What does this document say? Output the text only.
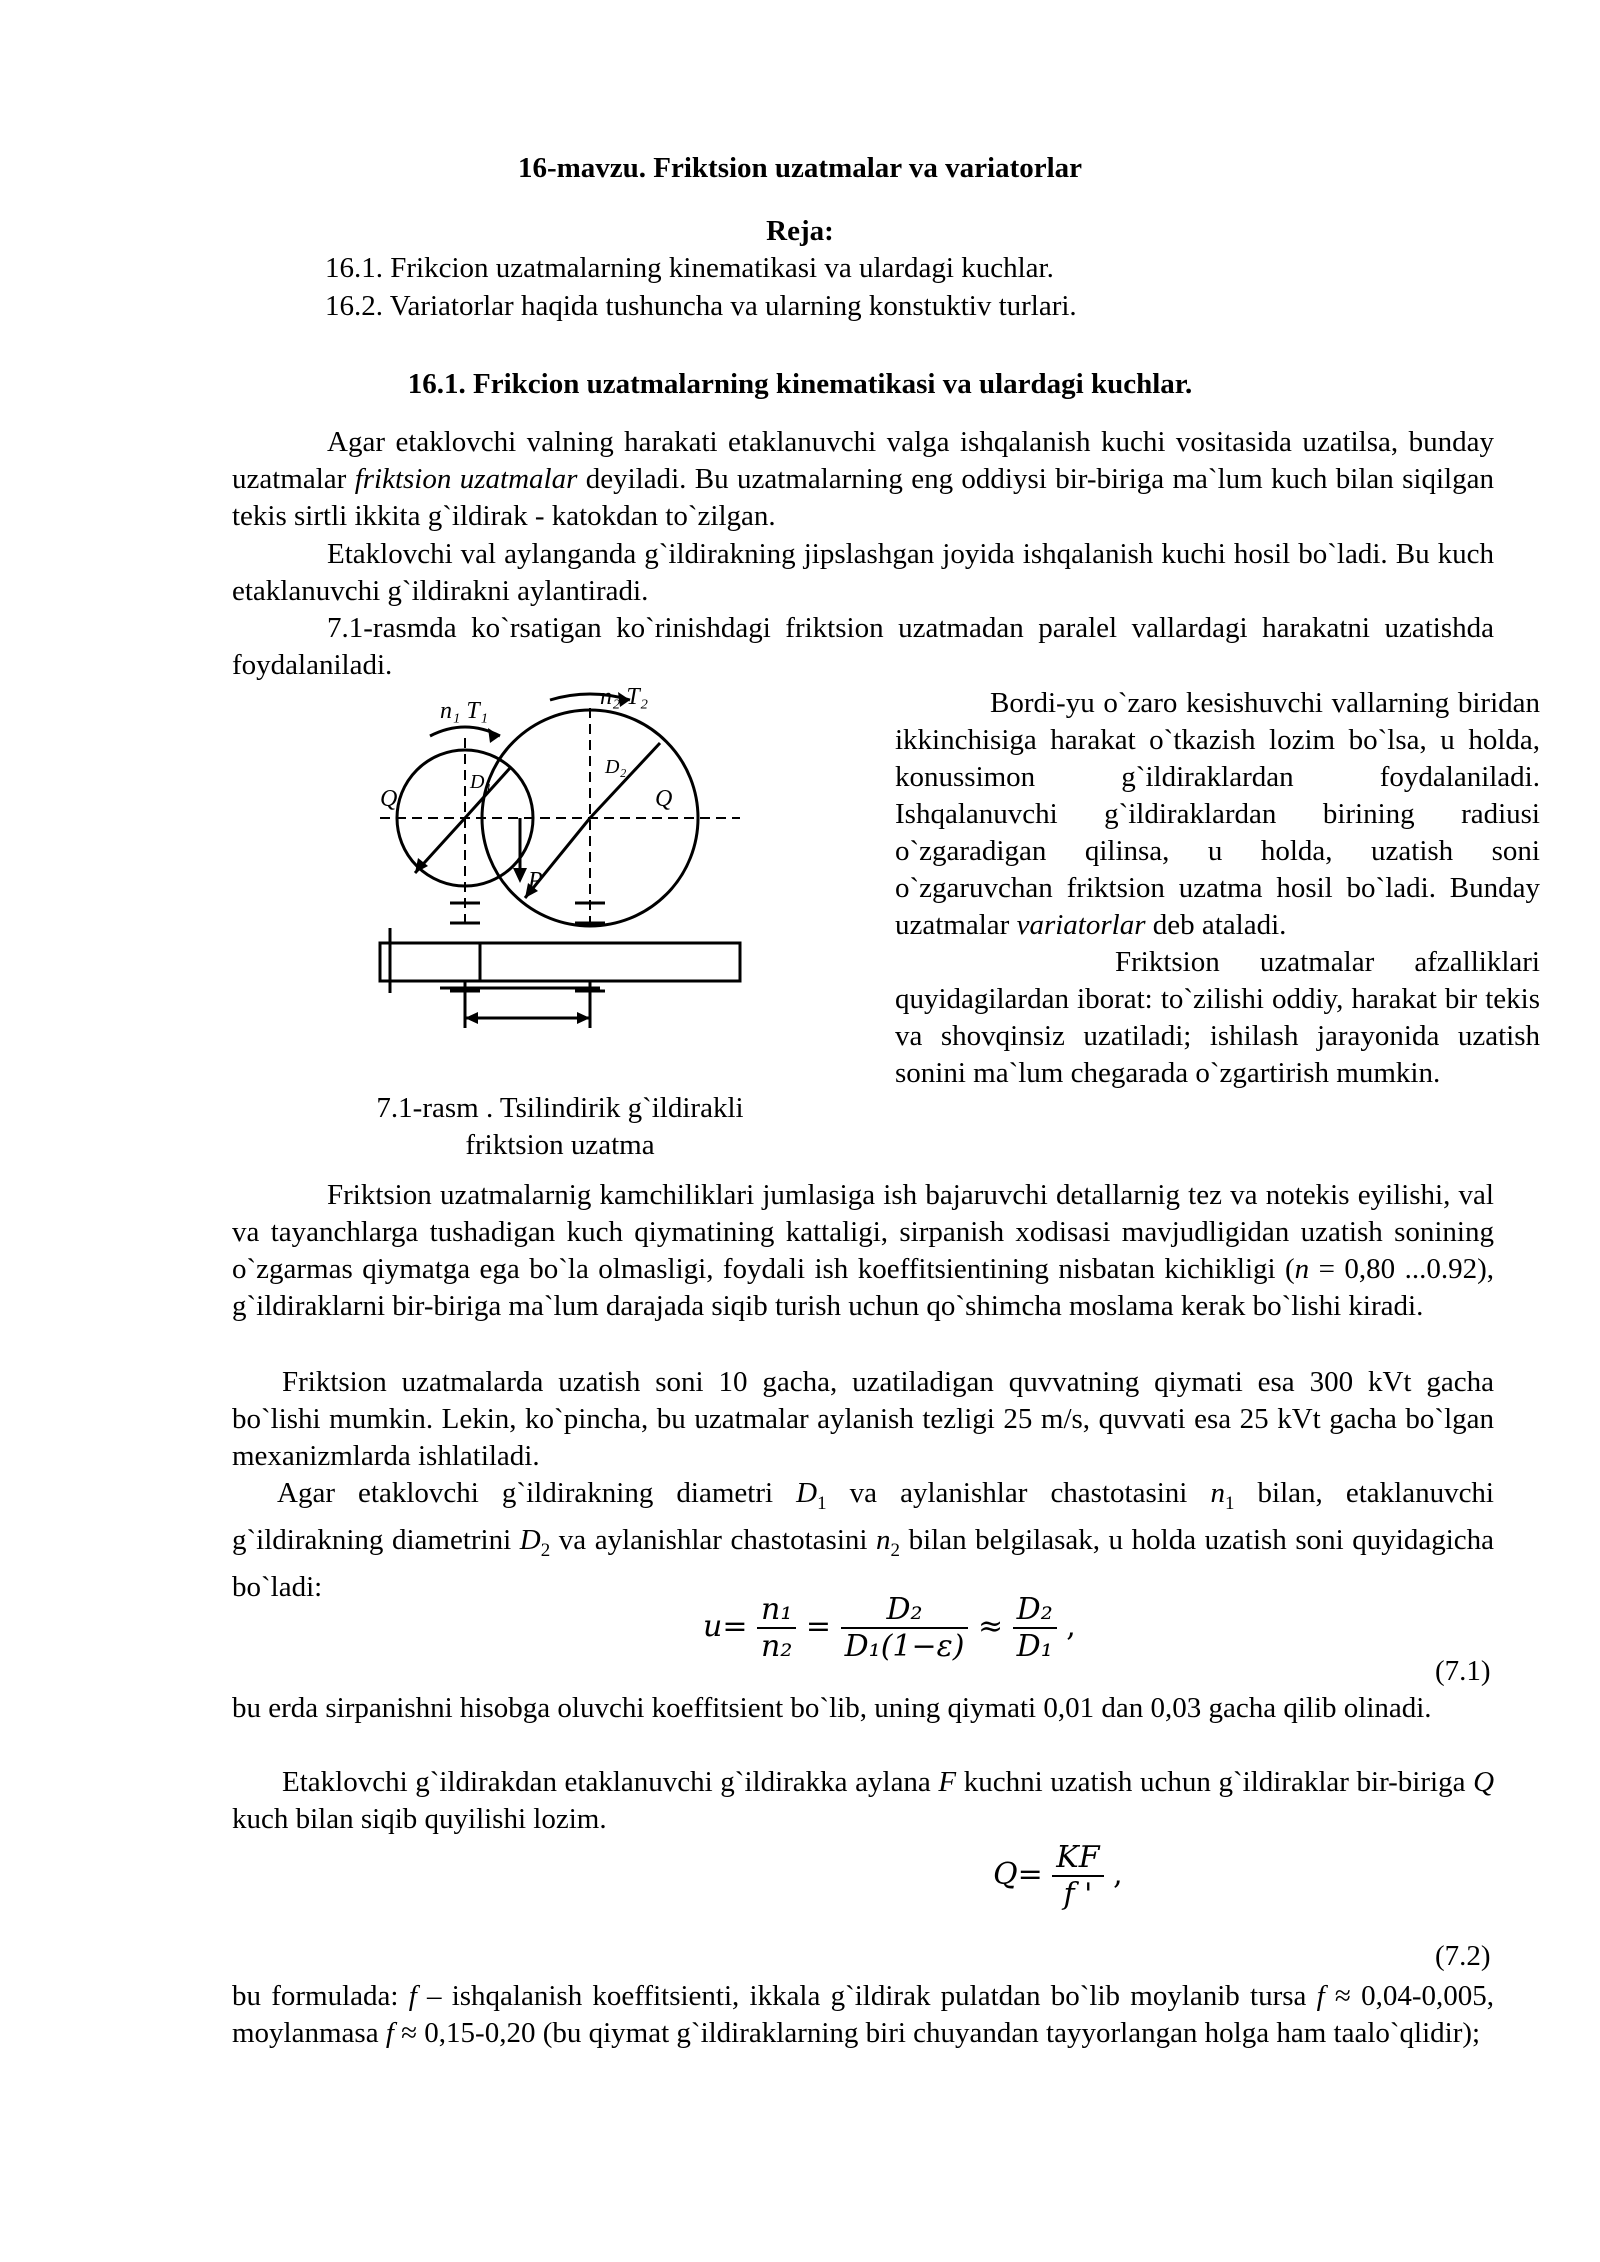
16-mavzu. Friktsion uzatmalar va variatorlar
Reja:
16.1. Frikcion uzatmalarning kinematikasi va ulardagi kuchlar.
16.2. Variatorlar haqida tushuncha va ularning konstuktiv turlari.
16.1. Frikcion uzatmalarning kinematikasi va ulardagi kuchlar.

Agar etaklovchi valning harakati etaklanuvchi valga ishqalanish kuchi vositasida uzatilsa, bunday uzatmalar friktsion uzatmalar deyiladi. Bu uzatmalarning eng oddiysi bir-biriga ma`lum kuch bilan siqilgan tekis sirtli ikkita g`ildirak - katokdan to`zilgan.

Etaklovchi val aylanganda g`ildirakning jipslashgan joyida ishqalanish kuchi hosil bo`ladi. Bu kuch etaklanuvchi g`ildirakni aylantiradi.

7.1-rasmda ko`rsatigan ko`rinishdagi friktsion uzatmadan paralel vallardagi harakatni uzatishda foydalaniladi.

n₁ T₁
n₂ T₂
Q	Q
D₁
D₂
P
7.1-rasm . Tsilindirik g`ildirakli
friktsion uzatma

Bordi-yu o`zaro kesishuvchi vallarning biridan ikkinchisiga harakat o`tkazish lozim bo`lsa, u holda, konussimon g`ildiraklardan foydalaniladi. Ishqalanuvchi g`ildiraklardan birining radiusi o`zgaradigan qilinsa, u holda, uzatish soni o`zgaruvchan friktsion uzatma hosil bo`ladi. Bunday uzatmalar variatorlar deb ataladi.

Friktsion uzatmalar afzalliklari quyidagilardan iborat: to`zilishi oddiy, harakat bir tekis va shovqinsiz uzatiladi; ishilash jarayonida uzatish sonini ma`lum chegarada o`zgartirish mumkin.

Friktsion uzatmalarnig kamchiliklari jumlasiga ish bajaruvchi detallarnig tez va notekis eyilishi, val va tayanchlarga tushadigan kuch qiymatining kattaligi, sirpanish xodisasi mavjudligidan uzatish sonining o`zgarmas qiymatga ega bo`la olmasligi, foydali ish koeffitsientining nisbatan kichikligi (n = 0,80 ...0.92), g`ildiraklarni bir-biriga ma`lum darajada siqib turish uchun qo`shimcha moslama kerak bo`lishi kiradi.

Friktsion uzatmalarda uzatish soni 10 gacha, uzatiladigan quvvatning qiymati esa 300 kVt gacha bo`lishi mumkin. Lekin, ko`pincha, bu uzatmalar aylanish tezligi 25 m/s, quvvati esa 25 kVt gacha bo`lgan mexanizmlarda ishlatiladi.

Agar etaklovchi g`ildirakning diametri $D_1$ va aylanishlar chastotasini $n_1$ bilan, etaklanuvchi g`ildirakning diametrini $D_2$ va aylanishlar chastotasini $n_2$ bilan belgilasak, u holda uzatish soni quyidagicha bo`ladi:

$u= \frac{\text{n₁}}{\text{n₂}} = \frac{\text{D₂}}{\text{D₁(1−ε)}} \approx \frac{\text{D₂}}{\text{D₁}}$ ,
(7.1)

bu erda sirpanishni hisobga oluvchi koeffitsient bo`lib, uning qiymati 0,01 dan 0,03 gacha qilib olinadi.

Etaklovchi g`ildirakdan etaklanuvchi g`ildirakka aylana F kuchni uzatish uchun g`ildiraklar bir-biriga Q kuch bilan siqib quyilishi lozim.

$Q= \frac{KF}{f '}$ ,
(7.2)

bu formulada: f – ishqalanish koeffitsienti, ikkala g`ildirak pulatdan bo`lib moylanib tursa f ≈ 0,04-0,005, moylanmasa f ≈ 0,15-0,20 (bu qiymat g`ildiraklarning biri chuyandan tayyorlangan holga ham taalo`qlidir);
